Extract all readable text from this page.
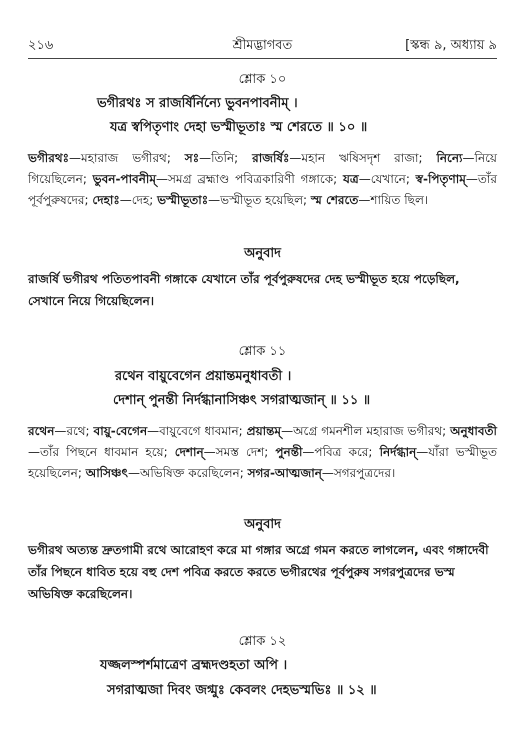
২১৬	শ্রীমদ্ভাগবত	[স্কন্ধ ৯, অধ্যায় ৯
শ্লোক ১০
ভগীরথঃ স রাজর্ষির্নিন্যে ভুবনপাবনীম্ ।
যত্র স্বপিতৃণাং দেহা ভস্মীভূতাঃ স্ম শেরতে ॥ ১০ ॥

ভগীরথঃ—মহারাজ ভগীরথ; সঃ—তিনি; রাজর্ষিঃ—মহান ঋষিসদৃশ রাজা; নিন্যে—নিয়ে গিয়েছিলেন; ভুবন-পাবনীম্—সমগ্র ব্রহ্মাণ্ড পবিত্রকারিণী গঙ্গাকে; যত্র—যেখানে; স্ব-পিতৃণাম্—তাঁর পূর্বপুরুষদের; দেহাঃ—দেহ; ভস্মীভূতাঃ—ভস্মীভূত হয়েছিল; স্ম শেরতে—শায়িত ছিল।

অনুবাদ
রাজর্ষি ভগীরথ পতিতপাবনী গঙ্গাকে যেখানে তাঁর পূর্বপুরুষদের দেহ ভস্মীভূত হয়ে পড়েছিল, সেখানে নিয়ে গিয়েছিলেন।
শ্লোক ১১
রথেন বায়ুবেগেন প্রয়ান্তমনুধাবতী ।
দেশান্ পুনন্তী নির্দগ্ধানাসিঞ্চৎ সগরাত্মজান্ ॥ ১১ ॥

রথেন—রথে; বায়ু-বেগেন—বায়ুবেগে ধাবমান; প্রয়ান্তম্—অগ্রে গমনশীল মহারাজ ভগীরথ; অনুধাবতী—তাঁর পিছনে ধাবমান হয়ে; দেশান্—সমস্ত দেশ; পুনন্তী—পবিত্র করে; নির্দগ্ধান্—যাঁরা ভস্মীভূত হয়েছিলেন; আসিঞ্চৎ—অভিষিক্ত করেছিলেন; সগর-আত্মজান্—সগরপুত্রদের।

অনুবাদ
ভগীরথ অত্যন্ত দ্রুতগামী রথে আরোহণ করে মা গঙ্গার অগ্রে গমন করতে লাগলেন, এবং গঙ্গাদেবী তাঁর পিছনে ধাবিত হয়ে বহু দেশ পবিত্র করতে করতে ভগীরথের পূর্বপুরুষ সগরপুত্রদের ভস্ম অভিষিক্ত করেছিলেন।
শ্লোক ১২
যজ্জলস্পর্শমাত্রেণ ব্রহ্মদণ্ডহতা অপি ।
সগরাত্মজা দিবং জগ্মুঃ কেবলং দেহভস্মভিঃ ॥ ১২ ॥
